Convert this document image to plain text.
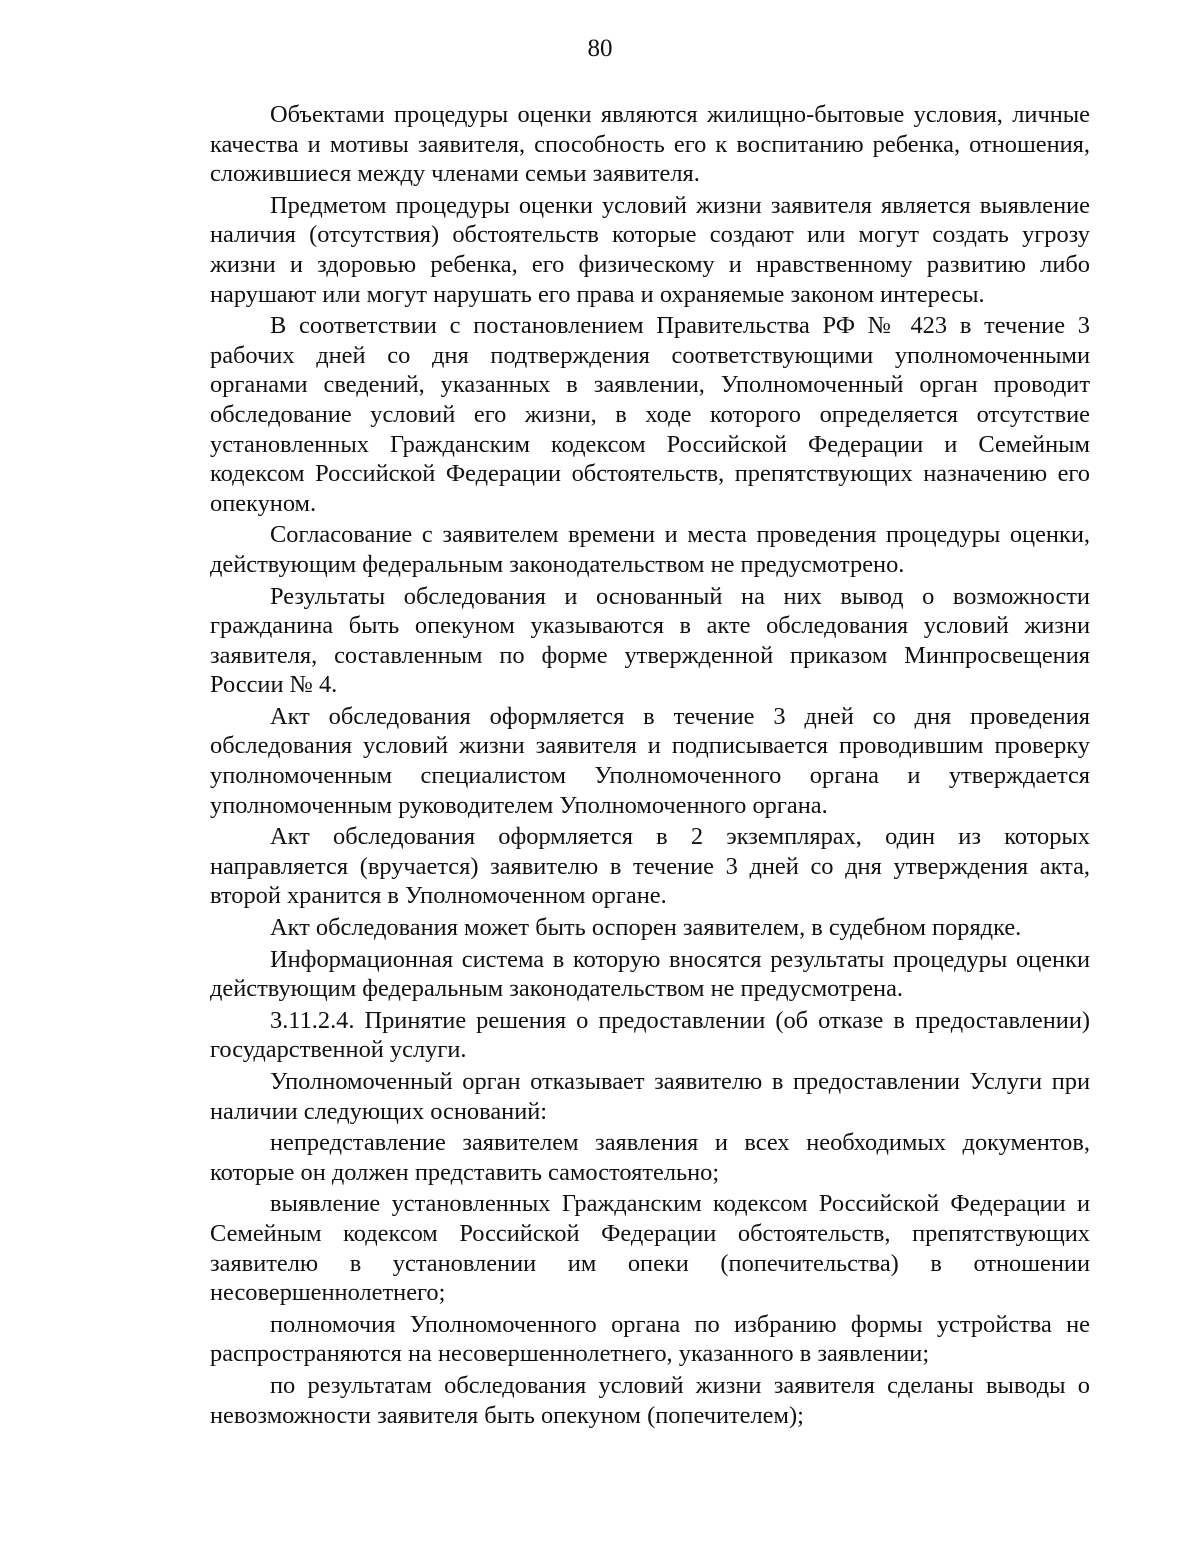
80

Объектами процедуры оценки являются жилищно-бытовые условия, личные качества и мотивы заявителя, способность его к воспитанию ребенка, отношения, сложившиеся между членами семьи заявителя.

Предметом процедуры оценки условий жизни заявителя является выявление наличия (отсутствия) обстоятельств которые создают или могут создать угрозу жизни и здоровью ребенка, его физическому и нравственному развитию либо нарушают или могут нарушать его права и охраняемые законом интересы.

В соответствии с постановлением Правительства РФ № 423 в течение 3 рабочих дней со дня подтверждения соответствующими уполномоченными органами сведений, указанных в заявлении, Уполномоченный орган проводит обследование условий его жизни, в ходе которого определяется отсутствие установленных Гражданским кодексом Российской Федерации и Семейным кодексом Российской Федерации обстоятельств, препятствующих назначению его опекуном.

Согласование с заявителем времени и места проведения процедуры оценки, действующим федеральным законодательством не предусмотрено.

Результаты обследования и основанный на них вывод о возможности гражданина быть опекуном указываются в акте обследования условий жизни заявителя, составленным по форме утвержденной приказом Минпросвещения России № 4.

Акт обследования оформляется в течение 3 дней со дня проведения обследования условий жизни заявителя и подписывается проводившим проверку уполномоченным специалистом Уполномоченного органа и утверждается уполномоченным руководителем Уполномоченного органа.

Акт обследования оформляется в 2 экземплярах, один из которых направляется (вручается) заявителю в течение 3 дней со дня утверждения акта, второй хранится в Уполномоченном органе.

Акт обследования может быть оспорен заявителем, в судебном порядке.

Информационная система в которую вносятся результаты процедуры оценки действующим федеральным законодательством не предусмотрена.

3.11.2.4. Принятие решения о предоставлении (об отказе в предоставлении) государственной услуги.

Уполномоченный орган отказывает заявителю в предоставлении Услуги при наличии следующих оснований:

непредставление заявителем заявления и всех необходимых документов, которые он должен представить самостоятельно;

выявление установленных Гражданским кодексом Российской Федерации и Семейным кодексом Российской Федерации обстоятельств, препятствующих заявителю в установлении им опеки (попечительства) в отношении несовершеннолетнего;

полномочия Уполномоченного органа по избранию формы устройства не распространяются на несовершеннолетнего, указанного в заявлении;

по результатам обследования условий жизни заявителя сделаны выводы о невозможности заявителя быть опекуном (попечителем);
